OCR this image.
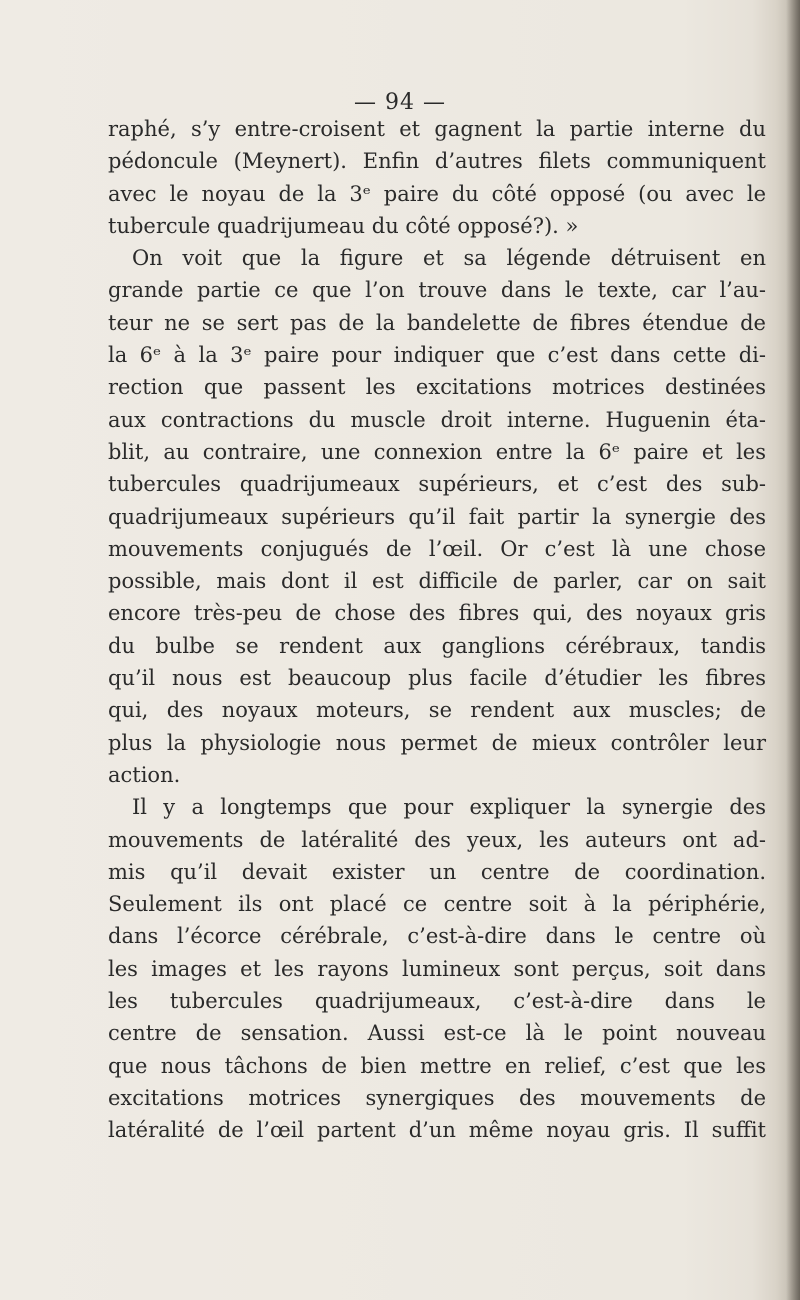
— 94 —
raphé, s’y entre-croisent et gagnent la partie interne du
pédoncule (Meynert). Enfin d’autres filets communiquent
avec le noyau de la 3ᵉ paire du côté opposé (ou avec le
tubercule quadrijumeau du côté opposé?). »
On voit que la figure et sa légende détruisent en
grande partie ce que l’on trouve dans le texte, car l’au-
teur ne se sert pas de la bandelette de fibres étendue de
la 6ᵉ à la 3ᵉ paire pour indiquer que c’est dans cette di-
rection que passent les excitations motrices destinées
aux contractions du muscle droit interne. Huguenin éta-
blit, au contraire, une connexion entre la 6ᵉ paire et les
tubercules quadrijumeaux supérieurs, et c’est des sub-
quadrijumeaux supérieurs qu’il fait partir la synergie des
mouvements conjugués de l’œil. Or c’est là une chose
possible, mais dont il est difficile de parler, car on sait
encore très-peu de chose des fibres qui, des noyaux gris
du bulbe se rendent aux ganglions cérébraux, tandis
qu’il nous est beaucoup plus facile d’étudier les fibres
qui, des noyaux moteurs, se rendent aux muscles; de
plus la physiologie nous permet de mieux contrôler leur
action.
Il y a longtemps que pour expliquer la synergie des
mouvements de latéralité des yeux, les auteurs ont ad-
mis qu’il devait exister un centre de coordination.
Seulement ils ont placé ce centre soit à la périphérie,
dans l’écorce cérébrale, c’est-à-dire dans le centre où
les images et les rayons lumineux sont perçus, soit dans
les tubercules quadrijumeaux, c’est-à-dire dans le
centre de sensation. Aussi est-ce là le point nouveau
que nous tâchons de bien mettre en relief, c’est que les
excitations motrices synergiques des mouvements de
latéralité de l’œil partent d’un même noyau gris. Il suffit
